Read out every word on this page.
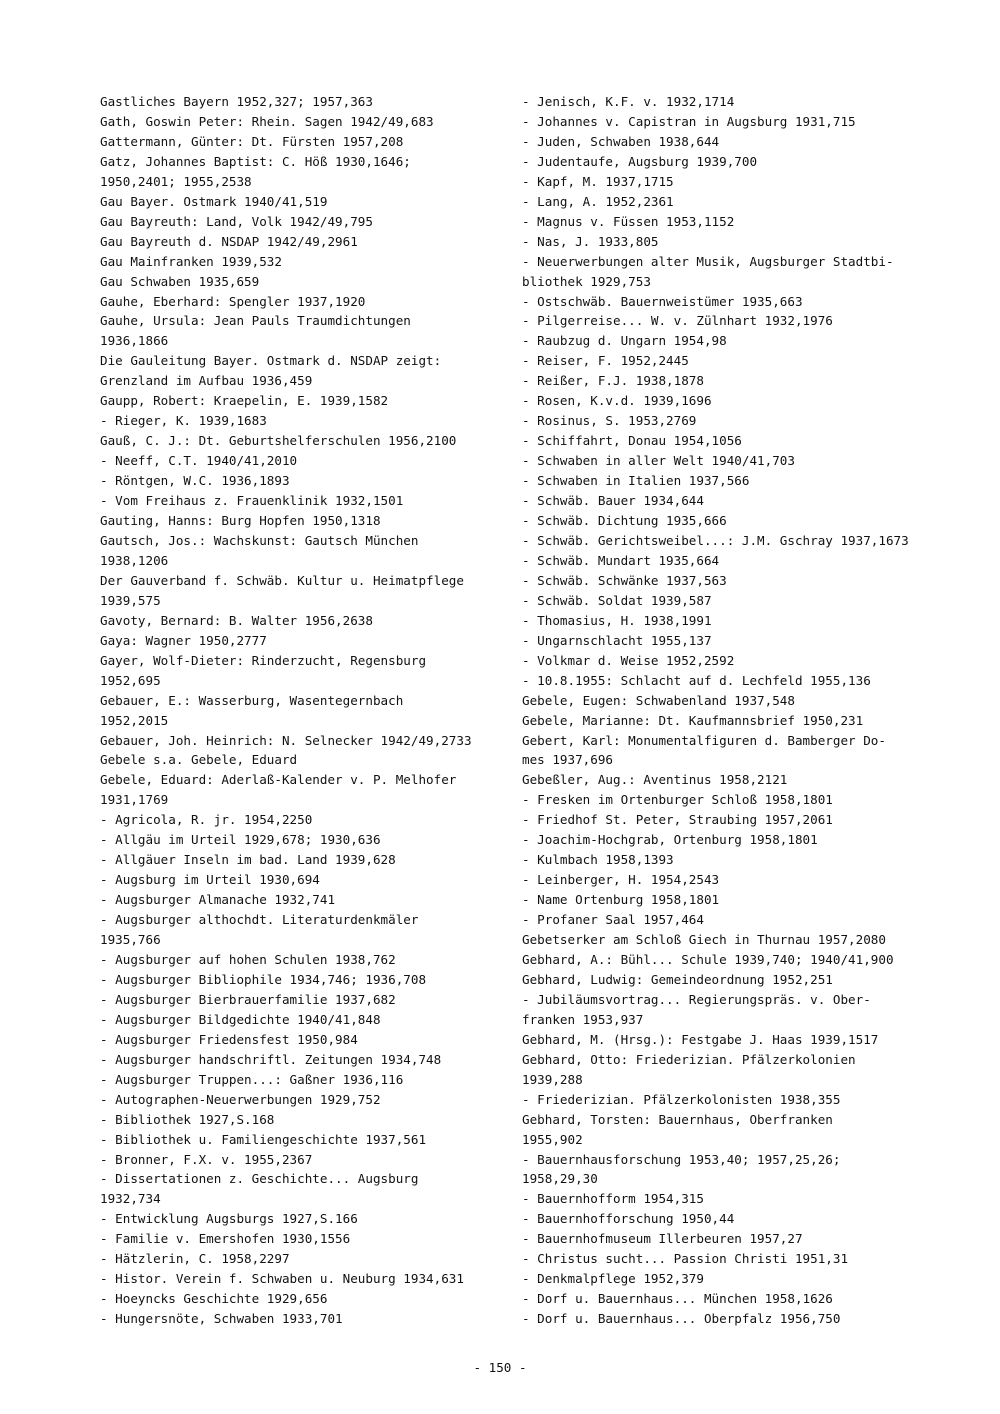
Gastliches Bayern 1952,327; 1957,363

Gath, Goswin Peter: Rhein. Sagen 1942/49,683

Gattermann, Günter: Dt. Fürsten 1957,208

Gatz, Johannes Baptist: C. Höß 1930,1646;
1950,2401; 1955,2538

Gau Bayer. Ostmark 1940/41,519

Gau Bayreuth: Land, Volk 1942/49,795

Gau Bayreuth d. NSDAP 1942/49,2961

Gau Mainfranken 1939,532

Gau Schwaben 1935,659

Gauhe, Eberhard: Spengler 1937,1920

Gauhe, Ursula: Jean Pauls Traumdichtungen
1936,1866

Die Gauleitung Bayer. Ostmark d. NSDAP zeigt:
Grenzland im Aufbau 1936,459

Gaupp, Robert: Kraepelin, E. 1939,1582

- Rieger, K. 1939,1683

Gauß, C. J.: Dt. Geburtshelferschulen 1956,2100

- Neeff, C.T. 1940/41,2010

- Röntgen, W.C. 1936,1893

- Vom Freihaus z. Frauenklinik 1932,1501

Gauting, Hanns: Burg Hopfen 1950,1318

Gautsch, Jos.: Wachskunst: Gautsch München
1938,1206

Der Gauverband f. Schwäb. Kultur u. Heimatpflege
1939,575

Gavoty, Bernard: B. Walter 1956,2638

Gaya: Wagner 1950,2777

Gayer, Wolf-Dieter: Rinderzucht, Regensburg
1952,695

Gebauer, E.: Wasserburg, Wasentegernbach
1952,2015

Gebauer, Joh. Heinrich: N. Selnecker 1942/49,2733

Gebele s.a. Gebele, Eduard

Gebele, Eduard: Aderlaß-Kalender v. P. Melhofer
1931,1769

- Agricola, R. jr. 1954,2250

- Allgäu im Urteil 1929,678; 1930,636

- Allgäuer Inseln im bad. Land 1939,628

- Augsburg im Urteil 1930,694

- Augsburger Almanache 1932,741

- Augsburger althochdt. Literaturdenkmäler
1935,766

- Augsburger auf hohen Schulen 1938,762

- Augsburger Bibliophile 1934,746; 1936,708

- Augsburger Bierbrauerfamilie 1937,682

- Augsburger Bildgedichte 1940/41,848

- Augsburger Friedensfest 1950,984

- Augsburger handschriftl. Zeitungen 1934,748

- Augsburger Truppen...: Gaßner 1936,116

- Autographen-Neuerwerbungen 1929,752

- Bibliothek 1927,S.168

- Bibliothek u. Familiengeschichte 1937,561

- Bronner, F.X. v. 1955,2367

- Dissertationen z. Geschichte... Augsburg
1932,734

- Entwicklung Augsburgs 1927,S.166

- Familie v. Emershofen 1930,1556

- Hätzlerin, C. 1958,2297

- Histor. Verein f. Schwaben u. Neuburg 1934,631

- Hoeyncks Geschichte 1929,656

- Hungersnöte, Schwaben 1933,701

- Jenisch, K.F. v. 1932,1714

- Johannes v. Capistran in Augsburg 1931,715

- Juden, Schwaben 1938,644

- Judentaufe, Augsburg 1939,700

- Kapf, M. 1937,1715

- Lang, A. 1952,2361

- Magnus v. Füssen 1953,1152

- Nas, J. 1933,805

- Neuerwerbungen alter Musik, Augsburger Stadtbi-
bliothek 1929,753

- Ostschwäb. Bauernweistümer 1935,663

- Pilgerreise... W. v. Zülnhart 1932,1976

- Raubzug d. Ungarn 1954,98

- Reiser, F. 1952,2445

- Reißer, F.J. 1938,1878

- Rosen, K.v.d. 1939,1696

- Rosinus, S. 1953,2769

- Schiffahrt, Donau 1954,1056

- Schwaben in aller Welt 1940/41,703

- Schwaben in Italien 1937,566

- Schwäb. Bauer 1934,644

- Schwäb. Dichtung 1935,666

- Schwäb. Gerichtsweibel...: J.M. Gschray 1937,1673

- Schwäb. Mundart 1935,664

- Schwäb. Schwänke 1937,563

- Schwäb. Soldat 1939,587

- Thomasius, H. 1938,1991

- Ungarnschlacht 1955,137

- Volkmar d. Weise 1952,2592

- 10.8.1955: Schlacht auf d. Lechfeld 1955,136

Gebele, Eugen: Schwabenland 1937,548

Gebele, Marianne: Dt. Kaufmannsbrief 1950,231

Gebert, Karl: Monumentalfiguren d. Bamberger Do-
mes 1937,696

Gebeßler, Aug.: Aventinus 1958,2121

- Fresken im Ortenburger Schloß 1958,1801

- Friedhof St. Peter, Straubing 1957,2061

- Joachim-Hochgrab, Ortenburg 1958,1801

- Kulmbach 1958,1393

- Leinberger, H. 1954,2543

- Name Ortenburg 1958,1801

- Profaner Saal 1957,464

Gebetserker am Schloß Giech in Thurnau 1957,2080

Gebhard, A.: Bühl... Schule 1939,740; 1940/41,900

Gebhard, Ludwig: Gemeindeordnung 1952,251

- Jubiläumsvortrag... Regierungspräs. v. Ober-
franken 1953,937

Gebhard, M. (Hrsg.): Festgabe J. Haas 1939,1517

Gebhard, Otto: Friederizian. Pfälzerkolonien
1939,288

- Friederizian. Pfälzerkolonisten 1938,355

Gebhard, Torsten: Bauernhaus, Oberfranken
1955,902

- Bauernhausforschung 1953,40; 1957,25,26;
1958,29,30

- Bauernhofform 1954,315

- Bauernhofforschung 1950,44

- Bauernhofmuseum Illerbeuren 1957,27

- Christus sucht... Passion Christi 1951,31

- Denkmalpflege 1952,379

- Dorf u. Bauernhaus... München 1958,1626

- Dorf u. Bauernhaus... Oberpfalz 1956,750

- 150 -
